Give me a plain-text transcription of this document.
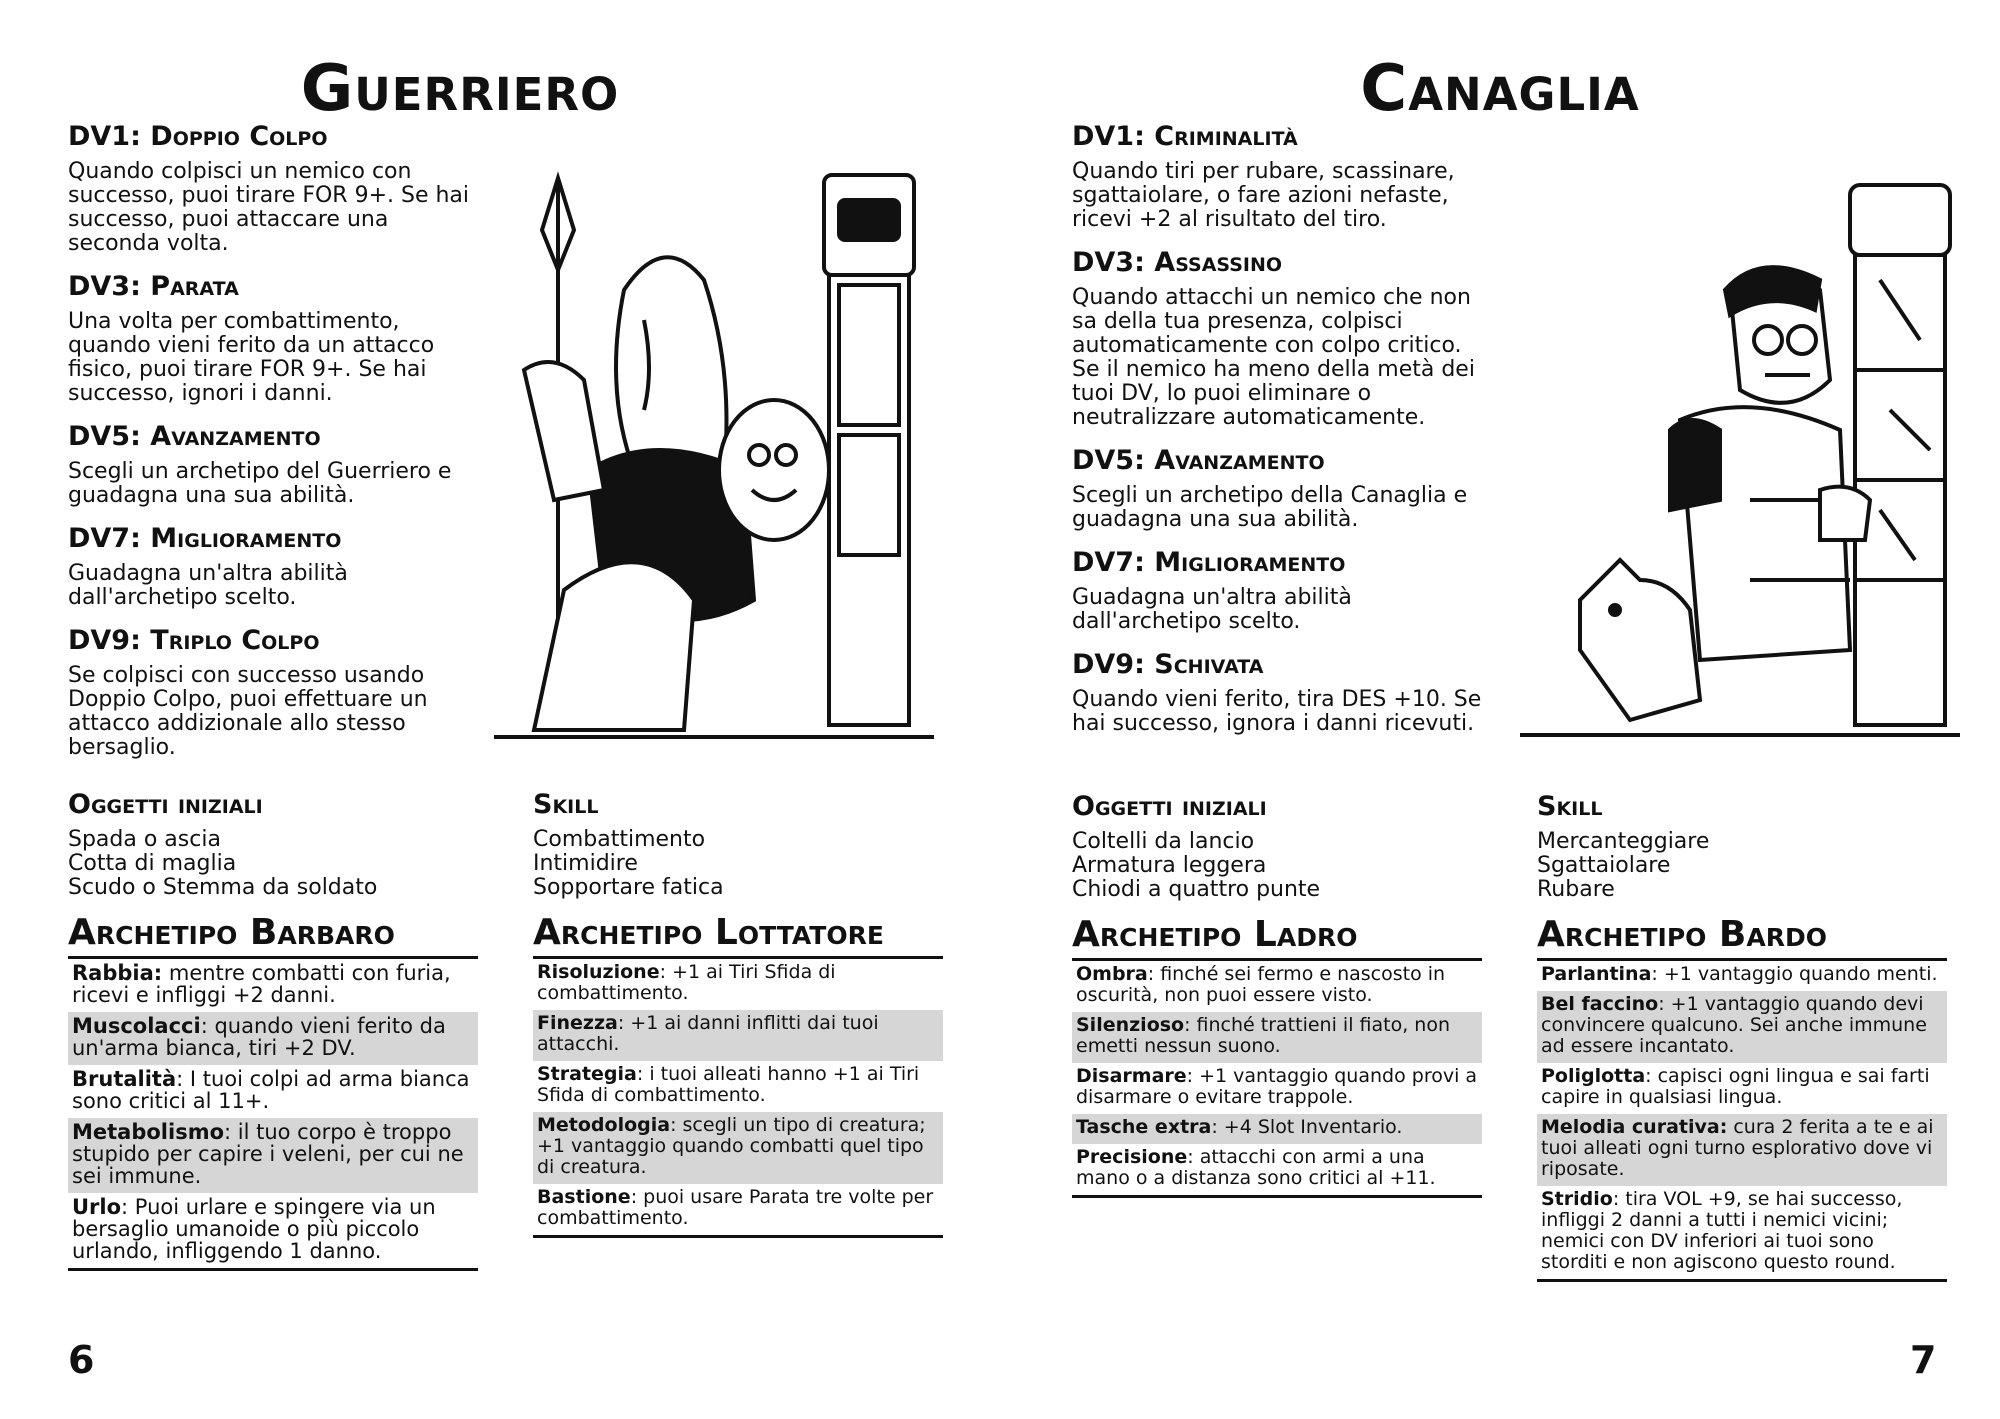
Guerriero
DV1: Doppio Colpo

Quando colpisci un nemico con successo, puoi tirare FOR 9+. Se hai successo, puoi attaccare una seconda volta.

DV3: Parata

Una volta per combattimento, quando vieni ferito da un attacco fisico, puoi tirare FOR 9+. Se hai successo, ignori i danni.

DV5: Avanzamento

Scegli un archetipo del Guerriero e guadagna una sua abilità.

DV7: Miglioramento

Guadagna un'altra abilità dall'archetipo scelto.

DV9: Triplo Colpo

Se colpisci con successo usando Doppio Colpo, puoi effettuare un attacco addizionale allo stesso bersaglio.

Oggetti iniziali
Spada o ascia
Cotta di maglia
Scudo o Stemma da soldato
Skill
Combattimento
Intimidire
Sopportare fatica
Archetipo Barbaro
Rabbia: mentre combatti con furia, ricevi e infliggi +2 danni.
Muscolacci: quando vieni ferito da un'arma bianca, tiri +2 DV.
Brutalità: I tuoi colpi ad arma bianca sono critici al 11+.
Metabolismo: il tuo corpo è troppo stupido per capire i veleni, per cui ne sei immune.
Urlo: Puoi urlare e spingere via un bersaglio umanoide o più piccolo urlando, infliggendo 1 danno.
Archetipo Lottatore
Risoluzione: +1 ai Tiri Sfida di combattimento.
Finezza: +1 ai danni inflitti dai tuoi attacchi.
Strategia: i tuoi alleati hanno +1 ai Tiri Sfida di combattimento.
Metodologia: scegli un tipo di creatura; +1 vantaggio quando combatti quel tipo di creatura.
Bastione: puoi usare Parata tre volte per combattimento.
6
Canaglia
DV1: Criminalità

Quando tiri per rubare, scassinare, sgattaiolare, o fare azioni nefaste, ricevi +2 al risultato del tiro.

DV3: Assassino

Quando attacchi un nemico che non sa della tua presenza, colpisci automaticamente con colpo critico. Se il nemico ha meno della metà dei tuoi DV, lo puoi eliminare o neutralizzare automaticamente.

DV5: Avanzamento

Scegli un archetipo della Canaglia e guadagna una sua abilità.

DV7: Miglioramento

Guadagna un'altra abilità dall'archetipo scelto.

DV9: Schivata

Quando vieni ferito, tira DES +10. Se hai successo, ignora i danni ricevuti.

Oggetti iniziali
Coltelli da lancio
Armatura leggera
Chiodi a quattro punte
Skill
Mercanteggiare
Sgattaiolare
Rubare
Archetipo Ladro
Ombra: finché sei fermo e nascosto in oscurità, non puoi essere visto.
Silenzioso: finché trattieni il fiato, non emetti nessun suono.
Disarmare: +1 vantaggio quando provi a disarmare o evitare trappole.
Tasche extra: +4 Slot Inventario.
Precisione: attacchi con armi a una mano o a distanza sono critici al +11.
Archetipo Bardo
Parlantina: +1 vantaggio quando menti.
Bel faccino: +1 vantaggio quando devi convincere qualcuno. Sei anche immune ad essere incantato.
Poliglotta: capisci ogni lingua e sai farti capire in qualsiasi lingua.
Melodia curativa: cura 2 ferita a te e ai tuoi alleati ogni turno esplorativo dove vi riposate.
Stridio: tira VOL +9, se hai successo, infliggi 2 danni a tutti i nemici vicini; nemici con DV inferiori ai tuoi sono storditi e non agiscono questo round.
7
